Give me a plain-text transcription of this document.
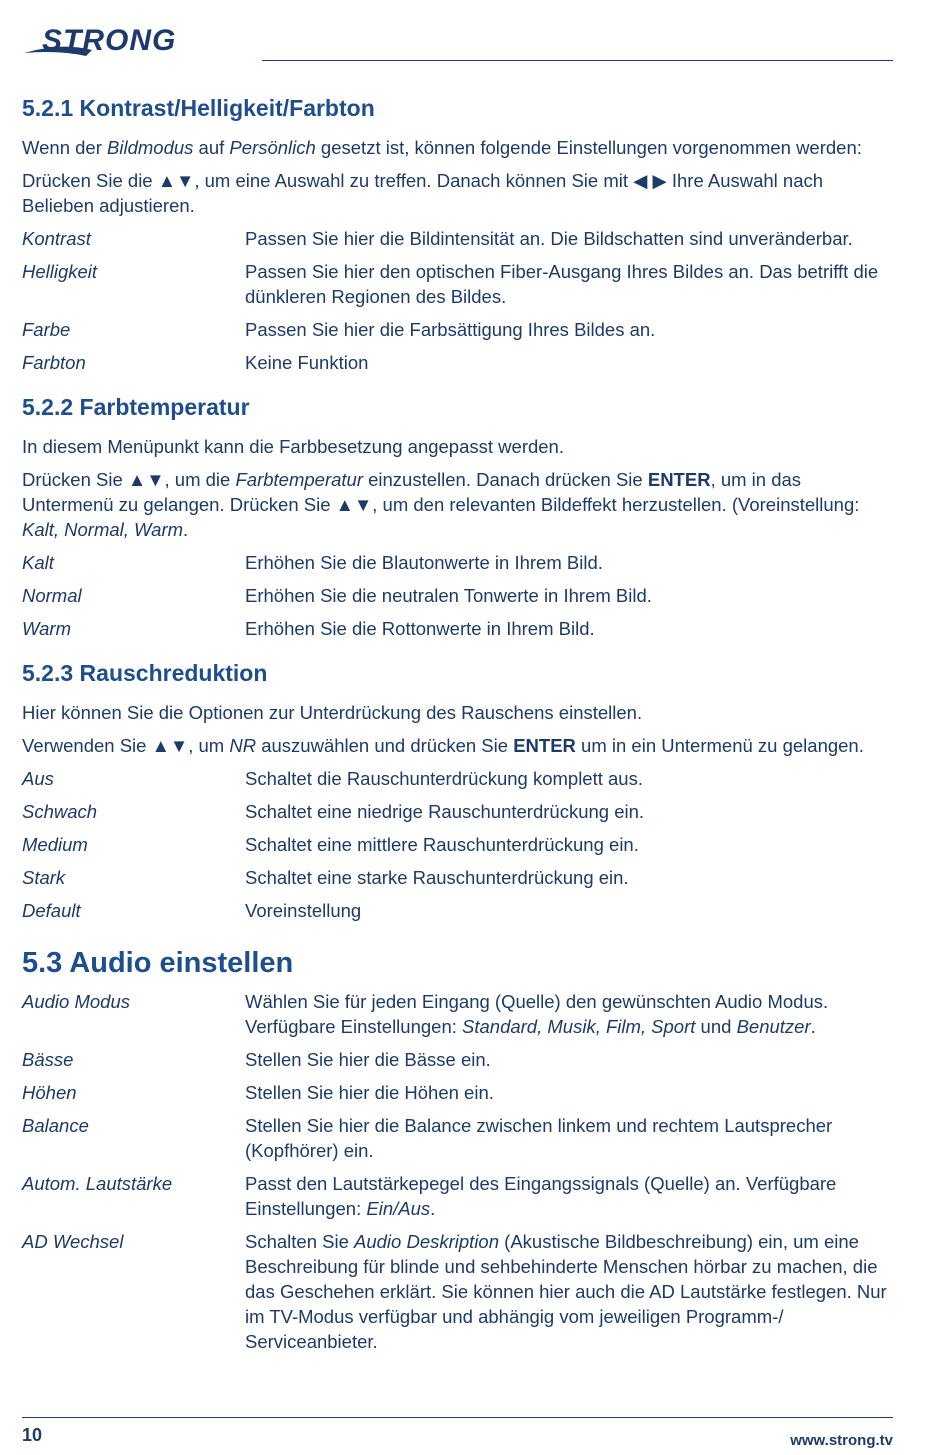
STRONG
5.2.1 Kontrast/Helligkeit/Farbton

Wenn der Bildmodus auf Persönlich gesetzt ist, können folgende Einstellungen vorgenommen werden:

Drücken Sie die ▲▼, um eine Auswahl zu treffen. Danach können Sie mit ◀ ▶ Ihre Auswahl nach Belieben adjustieren.

Kontrast	Passen Sie hier die Bildintensität an. Die Bildschatten sind unveränderbar.
Helligkeit	Passen Sie hier den optischen Fiber-Ausgang Ihres Bildes an. Das betrifft die dünkleren Regionen des Bildes.
Farbe	Passen Sie hier die Farbsättigung Ihres Bildes an.
Farbton	Keine Funktion
5.2.2 Farbtemperatur

In diesem Menüpunkt kann die Farbbesetzung angepasst werden.

Drücken Sie ▲▼, um die Farbtemperatur einzustellen. Danach drücken Sie ENTER, um in das Untermenü zu gelangen. Drücken Sie ▲▼, um den relevanten Bildeffekt herzustellen. (Voreinstellung: Kalt, Normal, Warm.

Kalt	Erhöhen Sie die Blautonwerte in Ihrem Bild.
Normal	Erhöhen Sie die neutralen Tonwerte in Ihrem Bild.
Warm	Erhöhen Sie die Rottonwerte in Ihrem Bild.
5.2.3 Rauschreduktion

Hier können Sie die Optionen zur Unterdrückung des Rauschens einstellen.

Verwenden Sie ▲▼, um NR auszuwählen und drücken Sie ENTER um in ein Untermenü zu gelangen.

Aus	Schaltet die Rauschunterdrückung komplett aus.
Schwach	Schaltet eine niedrige Rauschunterdrückung ein.
Medium	Schaltet eine mittlere Rauschunterdrückung ein.
Stark	Schaltet eine starke Rauschunterdrückung ein.
Default	Voreinstellung
5.3 Audio einstellen
Audio Modus	Wählen Sie für jeden Eingang (Quelle) den gewünschten Audio Modus. Verfügbare Einstellungen: Standard, Musik, Film, Sport und Benutzer.
Bässe	Stellen Sie hier die Bässe ein.
Höhen	Stellen Sie hier die Höhen ein.
Balance	Stellen Sie hier die Balance zwischen linkem und rechtem Lautsprecher (Kopfhörer) ein.
Autom. Lautstärke	Passt den Lautstärkepegel des Eingangssignals (Quelle) an. Verfügbare Einstellungen: Ein/Aus.
AD Wechsel	Schalten Sie Audio Deskription (Akustische Bildbeschreibung) ein, um eine Beschreibung für blinde und sehbehinderte Menschen hörbar zu machen, die das Geschehen erklärt. Sie können hier auch die AD Lautstärke festlegen. Nur im TV-Modus verfügbar und abhängig vom jeweiligen Programm-/ Serviceanbieter.
10	www.strong.tv
